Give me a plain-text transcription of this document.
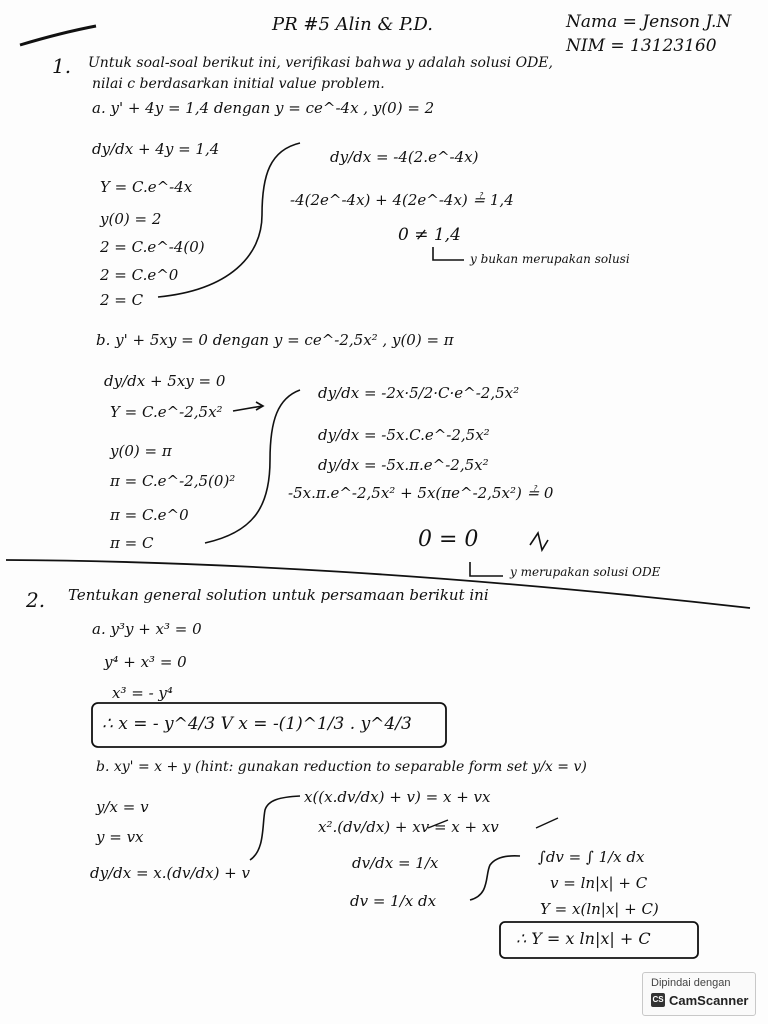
PR #5 Alin & P.D.	Nama = Jenson J.N
NIM = 13123160
1. Untuk soal-soal berikut ini, verifikasi bahwa y adalah solusi ODE,
nilai c berdasarkan initial value problem.
a. y' + 4y = 1,4 dengan y = ce^-4x , y(0) = 2
dy/dx + 4y = 1,4
Y = C.e^-4x
y(0) = 2
2 = C.e^-4(0)
2 = C.e^0
2 = C
dy/dx = -4(2.e^-4x)
-4(2e^-4x) + 4(2e^-4x) ≟ 1,4
0 ≠ 1,4
y bukan merupakan solusi
b. y' + 5xy = 0 dengan y = ce^-2,5x² , y(0) = π
dy/dx + 5xy = 0
Y = C.e^-2,5x²
y(0) = π
π = C.e^-2,5(0)²
π = C.e^0
π = C
dy/dx = -2x·5/2·C·e^-2,5x²
dy/dx = -5x.C.e^-2,5x²
dy/dx = -5x.π.e^-2,5x²
-5x.π.e^-2,5x² + 5x(πe^-2,5x²) ≟ 0
0 = 0
y merupakan solusi ODE
2. Tentukan general solution untuk persamaan berikut ini
a. y³y + x³ = 0
y⁴ + x³ = 0
x³ = - y⁴
∴ x = - y^4/3 V x = -(1)^1/3 . y^4/3
b. xy' = x + y (hint: gunakan reduction to separable form set y/x = v)
y/x = v
y = vx
dy/dx = x.(dv/dx) + v
x((x.dv/dx) + v) = x + vx
x².(dv/dx) + xv = x + xv
dv/dx = 1/x
dv = 1/x dx
∫dv = ∫ 1/x dx
v = ln|x| + C
Y = x(ln|x| + C)
∴ Y = x ln|x| + C
Dipindai dengan
CS CamScanner
